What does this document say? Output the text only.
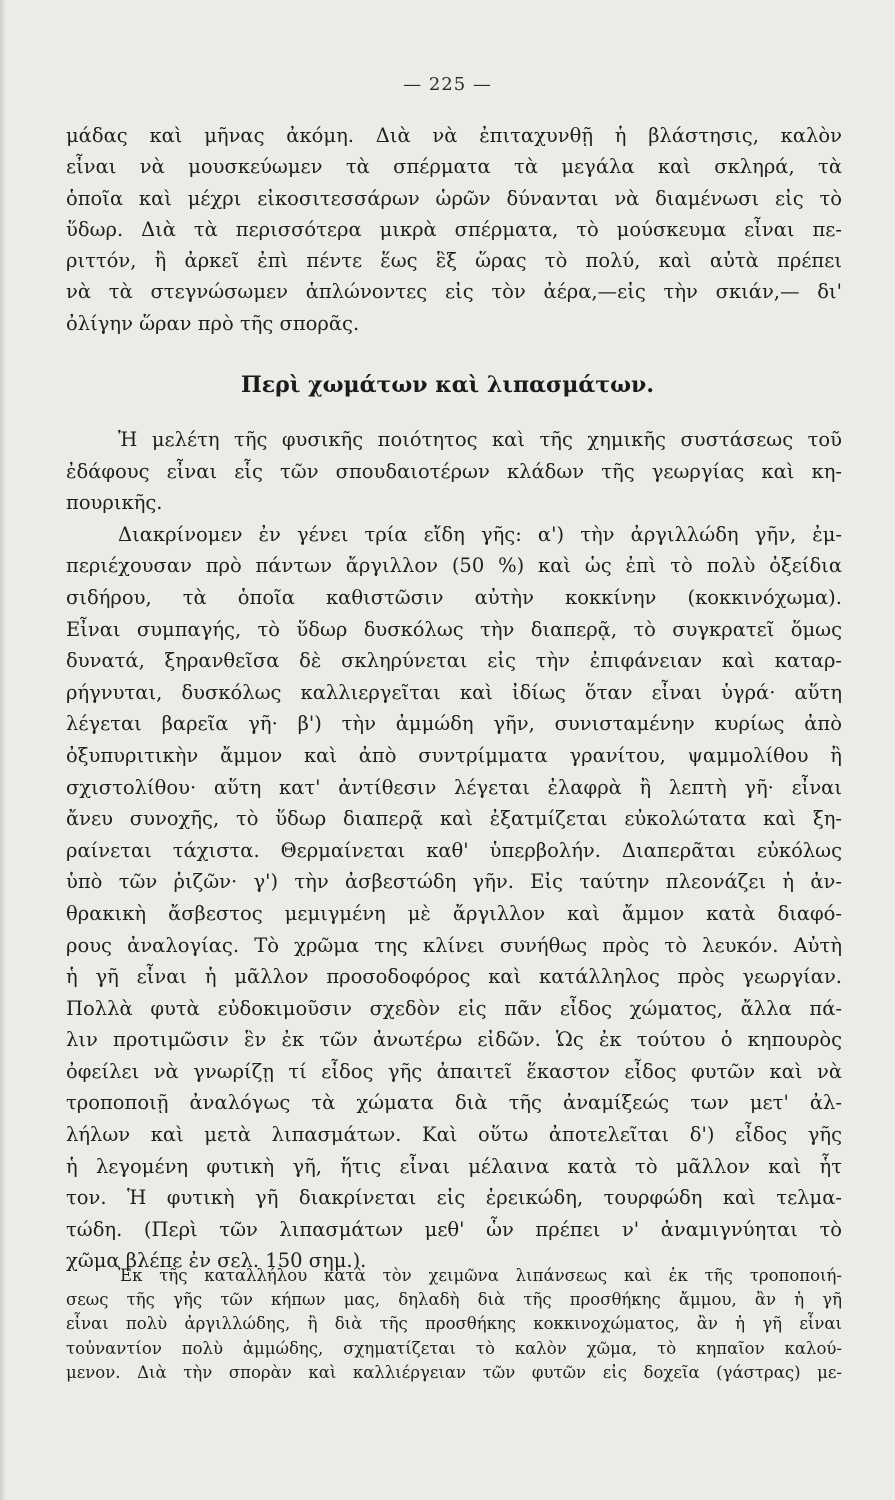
— 225 —
μάδας καὶ μῆνας ἀκόμη. Διὰ νὰ ἐπιταχυνθῇ ἡ βλάστησις, καλὸν
εἶναι νὰ μουσκεύωμεν τὰ σπέρματα τὰ μεγάλα καὶ σκληρά, τὰ
ὁποῖα καὶ μέχρι εἰκοσιτεσσάρων ὡρῶν δύνανται νὰ διαμένωσι εἰς τὸ
ὕδωρ. Διὰ τὰ περισσότερα μικρὰ σπέρματα, τὸ μούσκευμα εἶναι πε-
ριττόν, ἢ ἀρκεῖ ἐπὶ πέντε ἕως ἓξ ὥρας τὸ πολύ, καὶ αὐτὰ πρέπει
νὰ τὰ στεγνώσωμεν ἁπλώνοντες εἰς τὸν ἀέρα,—εἰς τὴν σκιάν,— δι'
ὀλίγην ὥραν πρὸ τῆς σπορᾶς.
Περὶ χωμάτων καὶ λιπασμάτων.
Ἡ μελέτη τῆς φυσικῆς ποιότητος καὶ τῆς χημικῆς συστάσεως τοῦ
ἐδάφους εἶναι εἷς τῶν σπουδαιοτέρων κλάδων τῆς γεωργίας καὶ κη-
πουρικῆς.
Διακρίνομεν ἐν γένει τρία εἴδη γῆς: α') τὴν ἀργιλλώδη γῆν, ἐμ-
περιέχουσαν πρὸ πάντων ἄργιλλον (50 %) καὶ ὡς ἐπὶ τὸ πολὺ ὀξείδια
σιδήρου, τὰ ὁποῖα καθιστῶσιν αὐτὴν κοκκίνην (κοκκινόχωμα).
Εἶναι συμπαγής, τὸ ὕδωρ δυσκόλως τὴν διαπερᾷ, τὸ συγκρατεῖ ὅμως
δυνατά, ξηρανθεῖσα δὲ σκληρύνεται εἰς τὴν ἐπιφάνειαν καὶ καταρ-
ρήγνυται, δυσκόλως καλλιεργεῖται καὶ ἰδίως ὅταν εἶναι ὑγρά· αὕτη
λέγεται βαρεῖα γῆ· β') τὴν ἀμμώδη γῆν, συνισταμένην κυρίως ἀπὸ
ὀξυπυριτικὴν ἄμμον καὶ ἀπὸ συντρίμματα γρανίτου, ψαμμολίθου ἢ
σχιστολίθου· αὕτη κατ' ἀντίθεσιν λέγεται ἐλαφρὰ ἢ λεπτὴ γῆ· εἶναι
ἄνευ συνοχῆς, τὸ ὕδωρ διαπερᾷ καὶ ἐξατμίζεται εὐκολώτατα καὶ ξη-
ραίνεται τάχιστα. Θερμαίνεται καθ' ὑπερβολήν. Διαπερᾶται εὐκόλως
ὑπὸ τῶν ῥιζῶν· γ') τὴν ἀσβεστώδη γῆν. Εἰς ταύτην πλεονάζει ἡ ἀν-
θρακικὴ ἄσβεστος μεμιγμένη μὲ ἄργιλλον καὶ ἄμμον κατὰ διαφό-
ρους ἀναλογίας. Τὸ χρῶμα της κλίνει συνήθως πρὸς τὸ λευκόν. Αὐτὴ
ἡ γῆ εἶναι ἡ μᾶλλον προσοδοφόρος καὶ κατάλληλος πρὸς γεωργίαν.
Πολλὰ φυτὰ εὐδοκιμοῦσιν σχεδὸν εἰς πᾶν εἶδος χώματος, ἄλλα πά-
λιν προτιμῶσιν ἓν ἐκ τῶν ἀνωτέρω εἰδῶν. Ὡς ἐκ τούτου ὁ κηπουρὸς
ὀφείλει νὰ γνωρίζῃ τί εἶδος γῆς ἀπαιτεῖ ἕκαστον εἶδος φυτῶν καὶ νὰ
τροποποιῇ ἀναλόγως τὰ χώματα διὰ τῆς ἀναμίξεώς των μετ' ἀλ-
λήλων καὶ μετὰ λιπασμάτων. Καὶ οὕτω ἀποτελεῖται δ') εἶδος γῆς
ἡ λεγομένη φυτικὴ γῆ, ἥτις εἶναι μέλαινα κατὰ τὸ μᾶλλον καὶ ἧτ
τον. Ἡ φυτικὴ γῆ διακρίνεται εἰς ἐρεικώδη, τουρφώδη καὶ τελμα-
τώδη. (Περὶ τῶν λιπασμάτων μεθ' ὧν πρέπει ν' ἀναμιγνύηται τὸ
χῶμα βλέπε ἐν σελ. 150 σημ.).
Ἐκ τῆς καταλλήλου κατὰ τὸν χειμῶνα λιπάνσεως καὶ ἐκ τῆς τροποποιή-
σεως τῆς γῆς τῶν κήπων μας, δηλαδὴ διὰ τῆς προσθήκης ἄμμου, ἂν ἡ γῆ
εἶναι πολὺ ἀργιλλώδης, ἢ διὰ τῆς προσθήκης κοκκινοχώματος, ἂν ἡ γῆ εἶναι
τοὐναντίον πολὺ ἀμμώδης, σχηματίζεται τὸ καλὸν χῶμα, τὸ κηπαῖον καλού-
μενον. Διὰ τὴν σπορὰν καὶ καλλιέργειαν τῶν φυτῶν εἰς δοχεῖα (γάστρας) με-
